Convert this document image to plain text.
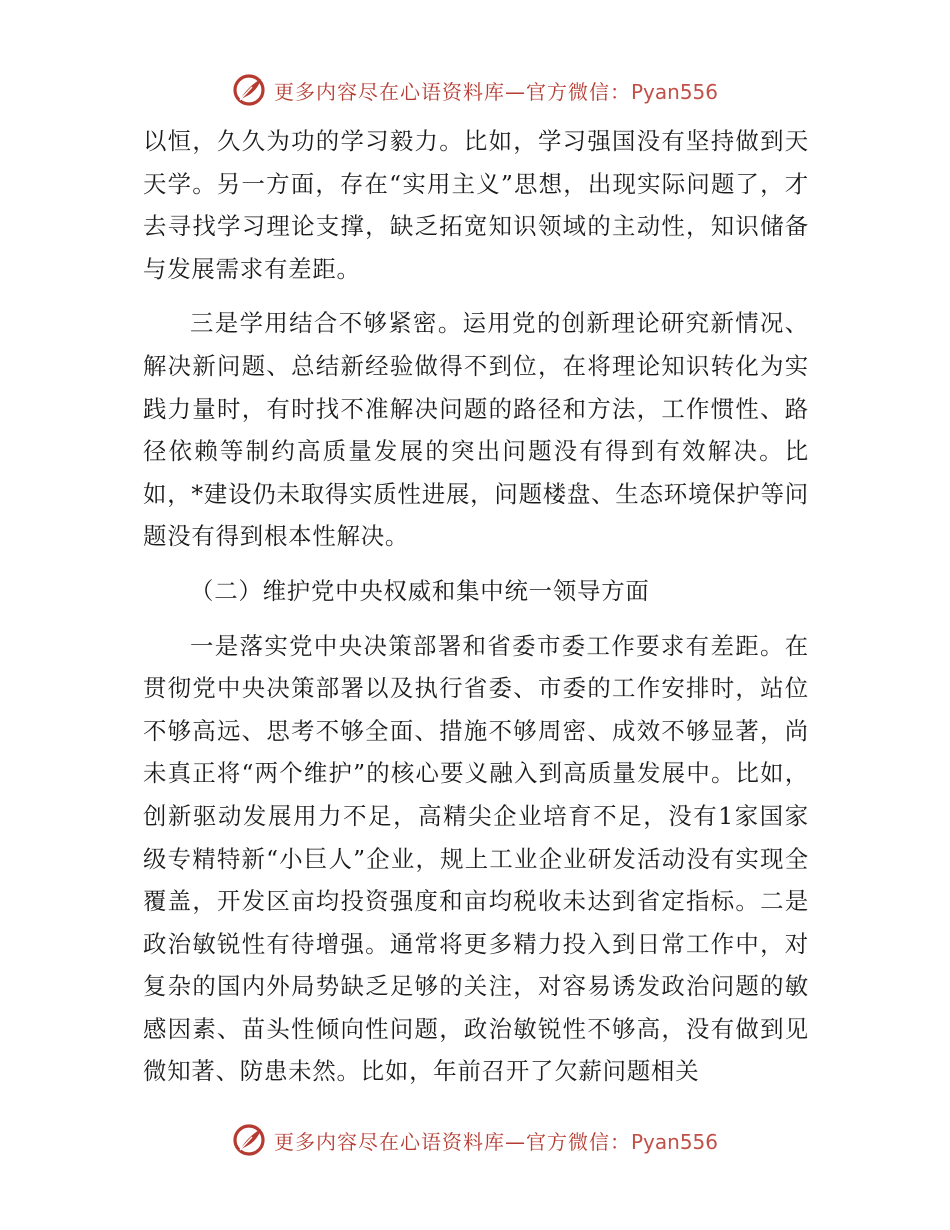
更多内容尽在心语资料库—官方微信：Pyan556

以恒，久久为功的学习毅力。比如，学习强国没有坚持做到天天学。另一方面，存在“实用主义”思想，出现实际问题了，才去寻找学习理论支撑，缺乏拓宽知识领域的主动性，知识储备与发展需求有差距。

三是学用结合不够紧密。运用党的创新理论研究新情况、解决新问题、总结新经验做得不到位，在将理论知识转化为实践力量时，有时找不准解决问题的路径和方法，工作惯性、路径依赖等制约高质量发展的突出问题没有得到有效解决。比如，*建设仍未取得实质性进展，问题楼盘、生态环境保护等问题没有得到根本性解决。

（二）维护党中央权威和集中统一领导方面

一是落实党中央决策部署和省委市委工作要求有差距。在贯彻党中央决策部署以及执行省委、市委的工作安排时，站位不够高远、思考不够全面、措施不够周密、成效不够显著，尚未真正将“两个维护”的核心要义融入到高质量发展中。比如，创新驱动发展用力不足，高精尖企业培育不足，没有1家国家级专精特新“小巨人”企业，规上工业企业研发活动没有实现全覆盖，开发区亩均投资强度和亩均税收未达到省定指标。二是政治敏锐性有待增强。通常将更多精力投入到日常工作中，对复杂的国内外局势缺乏足够的关注，对容易诱发政治问题的敏感因素、苗头性倾向性问题，政治敏锐性不够高，没有做到见微知著、防患未然。比如，年前召开了欠薪问题相关

更多内容尽在心语资料库—官方微信：Pyan556
